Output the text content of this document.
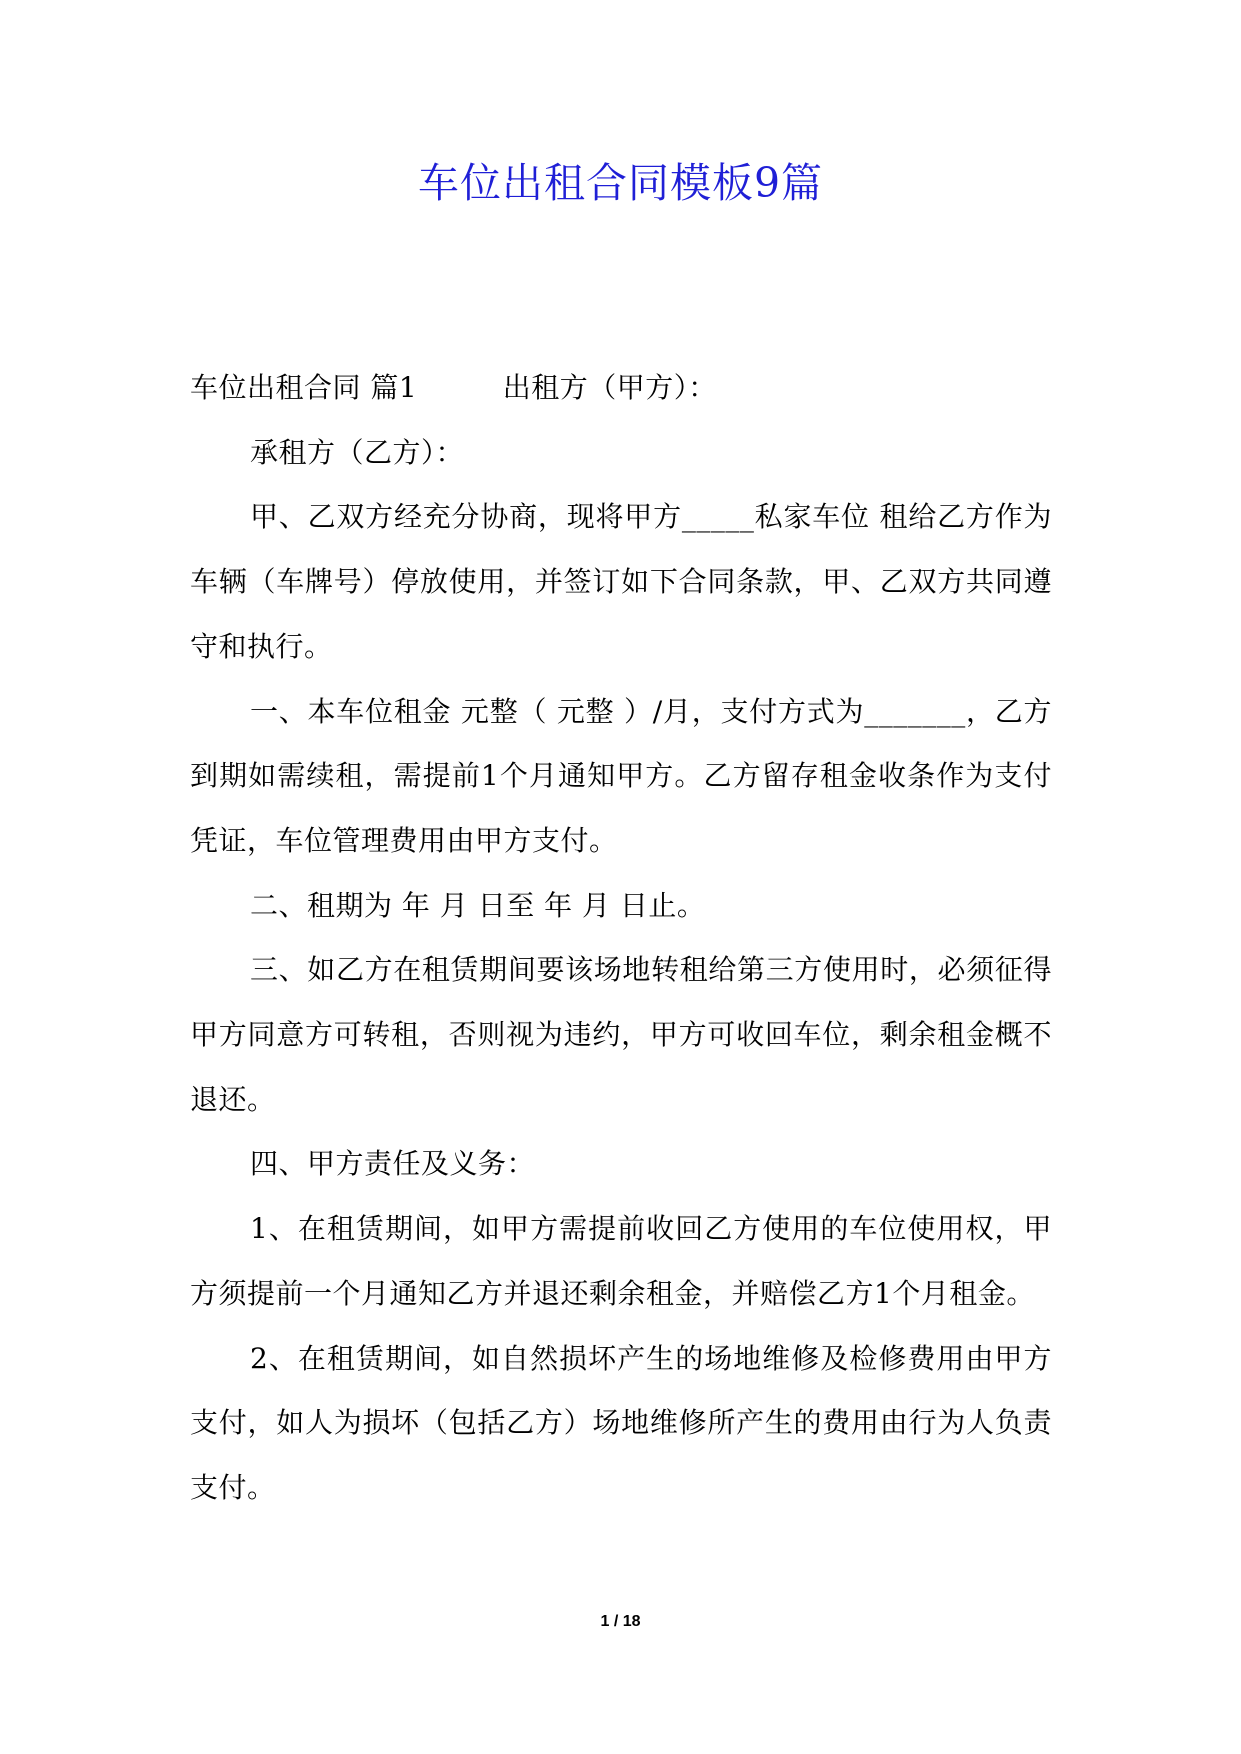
车位出租合同模板9篇

车位出租合同 篇1　　　出租方（甲方）：

承租方（乙方）：

甲、乙双方经充分协商，现将甲方_____私家车位 租给乙方作为车辆（车牌号）停放使用，并签订如下合同条款，甲、乙双方共同遵守和执行。

一、本车位租金 元整（ 元整 ）/月，支付方式为_______，乙方到期如需续租，需提前1个月通知甲方。乙方留存租金收条作为支付凭证，车位管理费用由甲方支付。

二、租期为 年 月 日至 年 月 日止。

三、如乙方在租赁期间要该场地转租给第三方使用时，必须征得甲方同意方可转租，否则视为违约，甲方可收回车位，剩余租金概不退还。

四、甲方责任及义务：

1、在租赁期间，如甲方需提前收回乙方使用的车位使用权，甲方须提前一个月通知乙方并退还剩余租金，并赔偿乙方1个月租金。

2、在租赁期间，如自然损坏产生的场地维修及检修费用由甲方支付，如人为损坏（包括乙方）场地维修所产生的费用由行为人负责支付。

1 / 18
